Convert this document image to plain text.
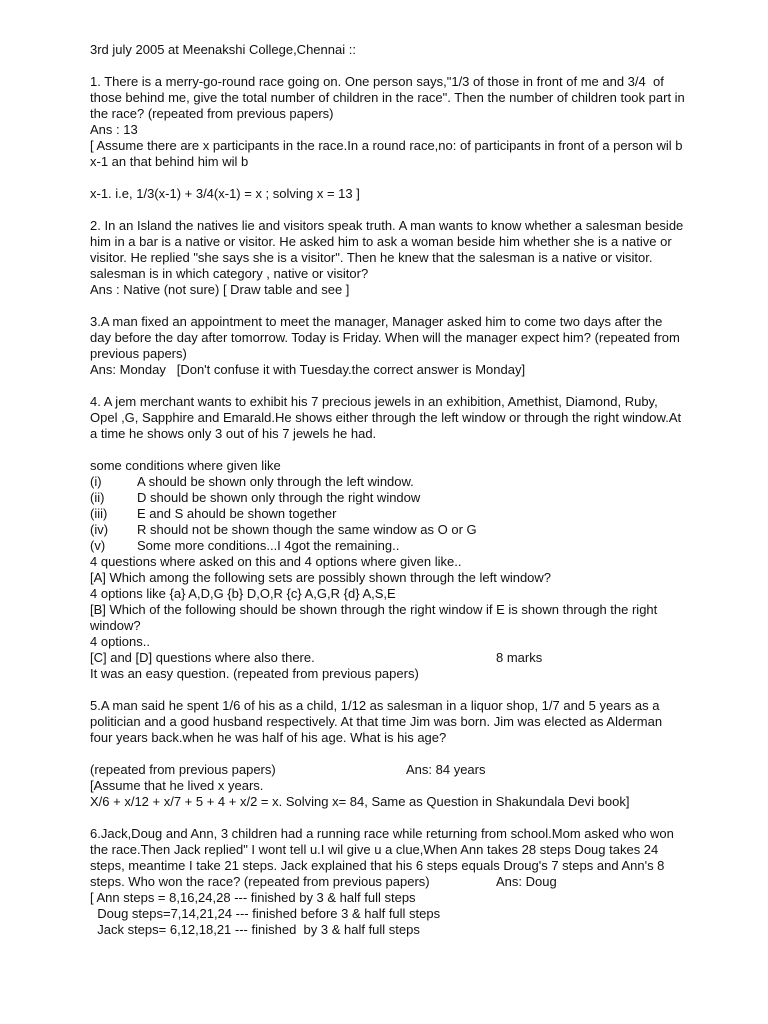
3rd july 2005 at Meenakshi College,Chennai ::
1. There is a merry-go-round race going on. One person says,"1/3 of those in front of me and 3/4  of
those behind me, give the total number of children in the race". Then the number of children took part in
the race? (repeated from previous papers)
Ans : 13
[ Assume there are x participants in the race.In a round race,no: of participants in front of a person wil b
x-1 an that behind him wil b
x-1. i.e, 1/3(x-1) + 3/4(x-1) = x ; solving x = 13 ]
2. In an Island the natives lie and visitors speak truth. A man wants to know whether a salesman beside
him in a bar is a native or visitor. He asked him to ask a woman beside him whether she is a native or
visitor. He replied "she says she is a visitor". Then he knew that the salesman is a native or visitor.
salesman is in which category , native or visitor?
Ans : Native (not sure) [ Draw table and see ]
3.A man fixed an appointment to meet the manager, Manager asked him to come two days after the
day before the day after tomorrow. Today is Friday. When will the manager expect him? (repeated from
previous papers)
Ans: Monday   [Don't confuse it with Tuesday.the correct answer is Monday]
4. A jem merchant wants to exhibit his 7 precious jewels in an exhibition, Amethist, Diamond, Ruby,
Opel ,G, Sapphire and Emarald.He shows either through the left window or through the right window.At
a time he shows only 3 out of his 7 jewels he had.
some conditions where given like
(i)	A should be shown only through the left window.
(ii)	D should be shown only through the right window
(iii)	E and S ahould be shown together
(iv)	R should not be shown though the same window as O or G
(v)	Some more conditions...I 4got the remaining..
4 questions where asked on this and 4 options where given like..
[A] Which among the following sets are possibly shown through the left window?
4 options like {a} A,D,G {b} D,O,R {c} A,G,R {d} A,S,E
[B] Which of the following should be shown through the right window if E is shown through the right
window?
4 options..
[C] and [D] questions where also there.	8 marks
It was an easy question. (repeated from previous papers)
5.A man said he spent 1/6 of his as a child, 1/12 as salesman in a liquor shop, 1/7 and 5 years as a
politician and a good husband respectively. At that time Jim was born. Jim was elected as Alderman
four years back.when he was half of his age. What is his age?
(repeated from previous papers)	Ans: 84 years
[Assume that he lived x years.
X/6 + x/12 + x/7 + 5 + 4 + x/2 = x. Solving x= 84, Same as Question in Shakundala Devi book]
6.Jack,Doug and Ann, 3 children had a running race while returning from school.Mom asked who won
the race.Then Jack replied" I wont tell u.I wil give u a clue,When Ann takes 28 steps Doug takes 24
steps, meantime I take 21 steps. Jack explained that his 6 steps equals Droug's 7 steps and Ann's 8
steps. Who won the race? (repeated from previous papers)	Ans: Doug
[ Ann steps = 8,16,24,28 --- finished by 3 & half full steps
Doug steps=7,14,21,24 --- finished before 3 & half full steps
Jack steps= 6,12,18,21 --- finished  by 3 & half full steps
